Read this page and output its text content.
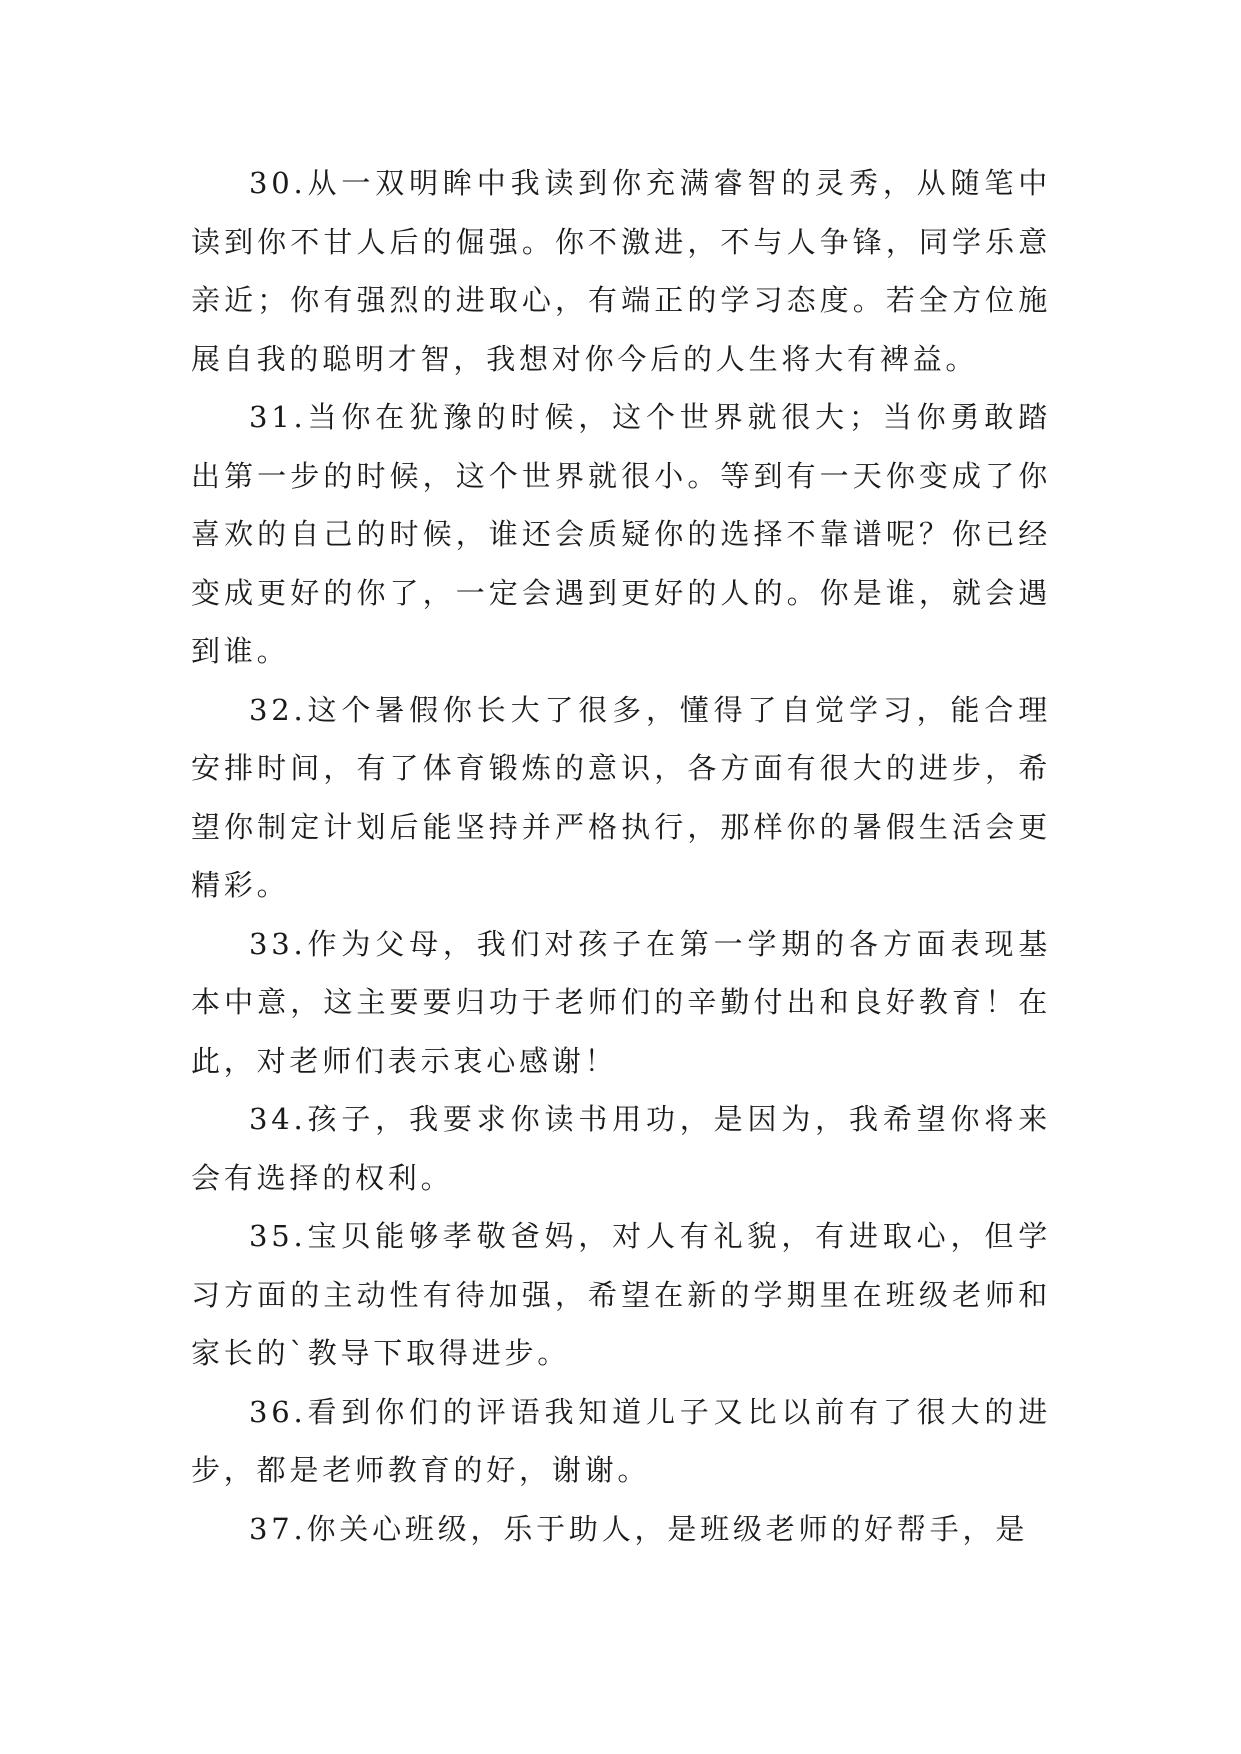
30.从一双明眸中我读到你充满睿智的灵秀，从随笔中读到你不甘人后的倔强。你不激进，不与人争锋，同学乐意亲近；你有强烈的进取心，有端正的学习态度。若全方位施展自我的聪明才智，我想对你今后的人生将大有裨益。

31.当你在犹豫的时候，这个世界就很大；当你勇敢踏出第一步的时候，这个世界就很小。等到有一天你变成了你喜欢的自己的时候，谁还会质疑你的选择不靠谱呢？你已经变成更好的你了，一定会遇到更好的人的。你是谁，就会遇到谁。

32.这个暑假你长大了很多，懂得了自觉学习，能合理安排时间，有了体育锻炼的意识，各方面有很大的进步，希望你制定计划后能坚持并严格执行，那样你的暑假生活会更精彩。

33.作为父母，我们对孩子在第一学期的各方面表现基本中意，这主要要归功于老师们的辛勤付出和良好教育！在此，对老师们表示衷心感谢！

34.孩子，我要求你读书用功，是因为，我希望你将来会有选择的权利。

35.宝贝能够孝敬爸妈，对人有礼貌，有进取心，但学习方面的主动性有待加强，希望在新的学期里在班级老师和家长的`教导下取得进步。

36.看到你们的评语我知道儿子又比以前有了很大的进步，都是老师教育的好，谢谢。

37.你关心班级，乐于助人，是班级老师的好帮手，是
